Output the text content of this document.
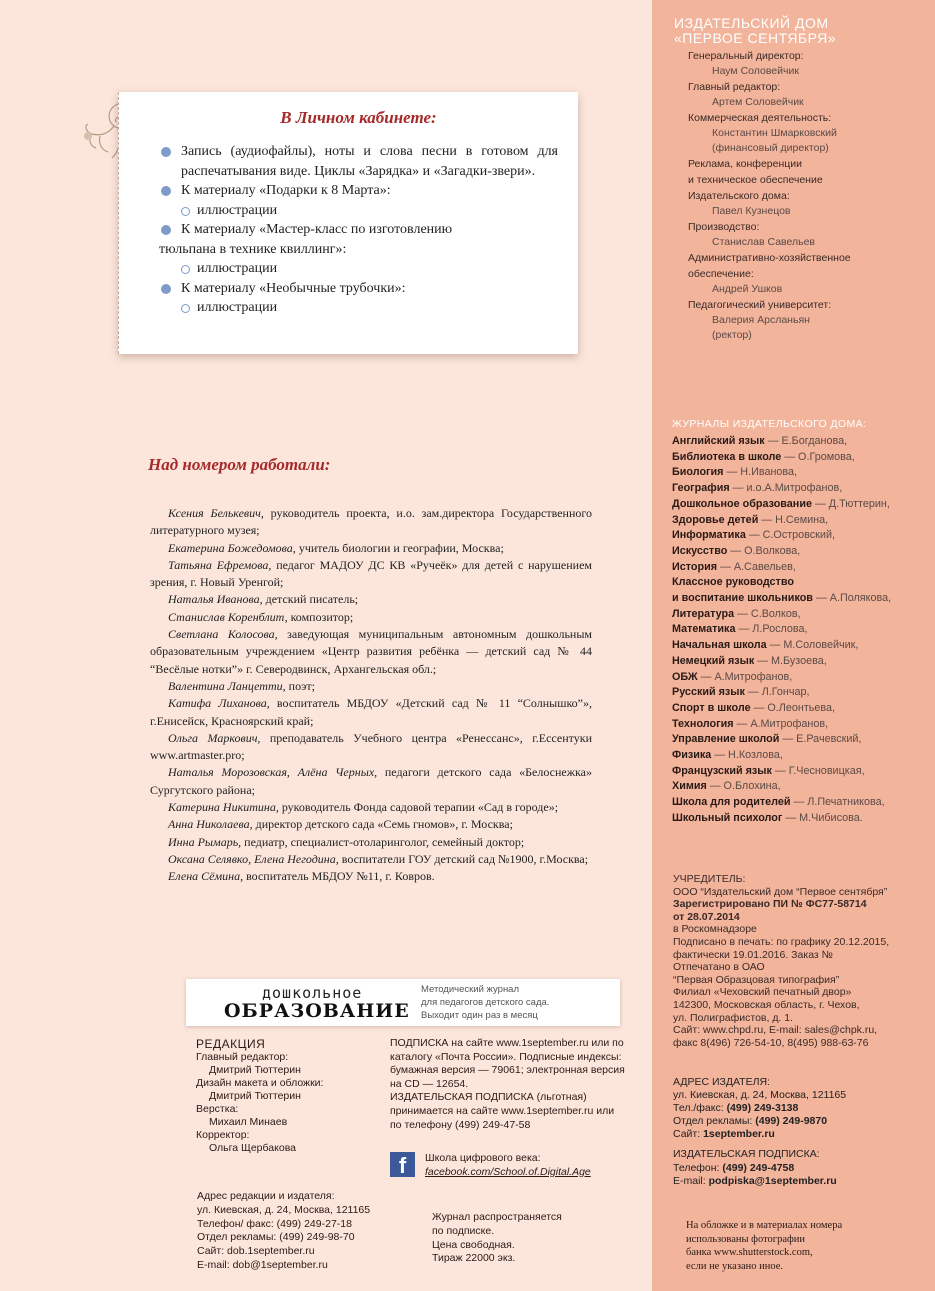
ИЗДАТЕЛЬСКИЙ ДОМ
«ПЕРВОЕ СЕНТЯБРЯ»
Генеральный директор:
Наум Соловейчик
Главный редактор:
Артем Соловейчик
Коммерческая деятельность:
Константин Шмарковский
(финансовый директор)
Реклама, конференции
и техническое обеспечение
Издательского дома:
Павел Кузнецов
Производство:
Станислав Савельев
Административно-хозяйственное
обеспечение:
Андрей Ушков
Педагогический университет:
Валерия Арсланьян
(ректор)
ЖУРНАЛЫ ИЗДАТЕЛЬСКОГО ДОМА:
Английский язык — Е.Богданова,
Библиотека в школе — О.Громова,
Биология — Н.Иванова,
География — и.о.А.Митрофанов,
Дошкольное образование — Д.Тюттерин,
Здоровье детей — Н.Семина,
Информатика — С.Островский,
Искусство — О.Волкова,
История — А.Савельев,
Классное руководство
и воспитание школьников — А.Полякова,
Литература — С.Волков,
Математика — Л.Рослова,
Начальная школа — М.Соловейчик,
Немецкий язык — М.Бузоева,
ОБЖ — А.Митрофанов,
Русский язык — Л.Гончар,
Спорт в школе — О.Леонтьева,
Технология — А.Митрофанов,
Управление школой — Е.Рачевский,
Физика — Н.Козлова,
Французский язык — Г.Чесновицкая,
Химия — О.Блохина,
Школа для родителей — Л.Печатникова,
Школьный психолог — М.Чибисова.
УЧРЕДИТЕЛЬ:
ООО “Издательский дом “Первое сентября”
Зарегистрировано ПИ № ФС77-58714
от 28.07.2014
в Роскомнадзоре
Подписано в печать: по графику 20.12.2015,
фактически 19.01.2016. Заказ №
Отпечатано в ОАО
“Первая Образцовая типография”
Филиал «Чеховский печатный двор»
142300, Московская область, г. Чехов,
ул. Полиграфистов, д. 1.
Сайт: www.chpd.ru, E-mail: sales@chpk.ru,
факс 8(496) 726-54-10, 8(495) 988-63-76
АДРЕС ИЗДАТЕЛЯ:
ул. Киевская, д. 24, Москва, 121165
Тел./факс: (499) 249-3138
Отдел рекламы: (499) 249-9870
Сайт: 1september.ru
ИЗДАТЕЛЬСКАЯ ПОДПИСКА:
Телефон: (499) 249-4758
E-mail: podpiska@1september.ru
На обложке и в материалах номера
использованы фотографии
банка www.shutterstock.com,
если не указано иное.
В Личном кабинете:
Запись (аудиофайлы), ноты и слова песни в готовом для распечатывания виде. Циклы «Зарядка» и «Загадки-звери».
К материалу «Подарки к 8 Марта»:
иллюстрации
К материалу «Мастер-класс по изготовлению
тюльпана в технике квиллинг»:
иллюстрации
К материалу «Необычные трубочки»:
иллюстрации
Над номером работали:
Ксения Белькевич, руководитель проекта, и.о. зам.директора Государственного литературного музея;
Екатерина Божедомова, учитель биологии и географии, Москва;
Татьяна Ефремова, педагог МАДОУ ДС КВ «Ручеёк» для детей с нарушением зрения, г. Новый Уренгой;
Наталья Иванова, детский писатель;
Станислав Коренблит, композитор;
Светлана Колосова, заведующая муниципальным автономным дошкольным образовательным учреждением «Центр развития ребёнка — детский сад № 44 “Весёлые нотки”» г. Северодвинск, Архангельская обл.;
Валентина Ланцетти, поэт;
Катифа Лиханова, воспитатель МБДОУ «Детский сад № 11 “Солнышко”», г.Енисейск, Красноярский край;
Ольга Маркович, преподаватель Учебного центра «Ренессанс», г.Ессентуки www.artmaster.pro;
Наталья Морозовская, Алёна Черных, педагоги детского сада «Белоснежка» Сургутского района;
Катерина Никитина, руководитель Фонда садовой терапии «Сад в городе»;
Анна Николаева, директор детского сада «Семь гномов», г. Москва;
Инна Рымарь, педиатр, специалист-отоларинголог, семейный доктор;
Оксана Селявко, Елена Негодина, воспитатели ГОУ детский сад №1900, г.Москва;
Елена Сёмина, воспитатель МБДОУ №11, г. Ковров.
дошкольное
ОБРАЗОВАНИЕ
Методический журнал
для педагогов детского сада.
Выходит один раз в месяц
РЕДАКЦИЯ
Главный редактор:
Дмитрий Тюттерин
Дизайн макета и обложки:
Дмитрий Тюттерин
Верстка:
Михаил Минаев
Корректор:
Ольга Щербакова
ПОДПИСКА на сайте www.1september.ru или по
каталогу «Почта России». Подписные индексы:
бумажная версия — 79061; электронная версия
на CD — 12654.
ИЗДАТЕЛЬСКАЯ ПОДПИСКА (льготная)
принимается на сайте www.1september.ru или
по телефону (499) 249-47-58
f	Школа цифрового века:
facebook.com/School.of.Digital.Age
Адрес редакции и издателя:
ул. Киевская, д. 24, Москва, 121165
Телефон/ факс: (499) 249-27-18
Отдел рекламы: (499) 249-98-70
Сайт: dob.1september.ru
E-mail: dob@1september.ru
Журнал распространяется
по подписке.
Цена свободная.
Тираж 22000 экз.
